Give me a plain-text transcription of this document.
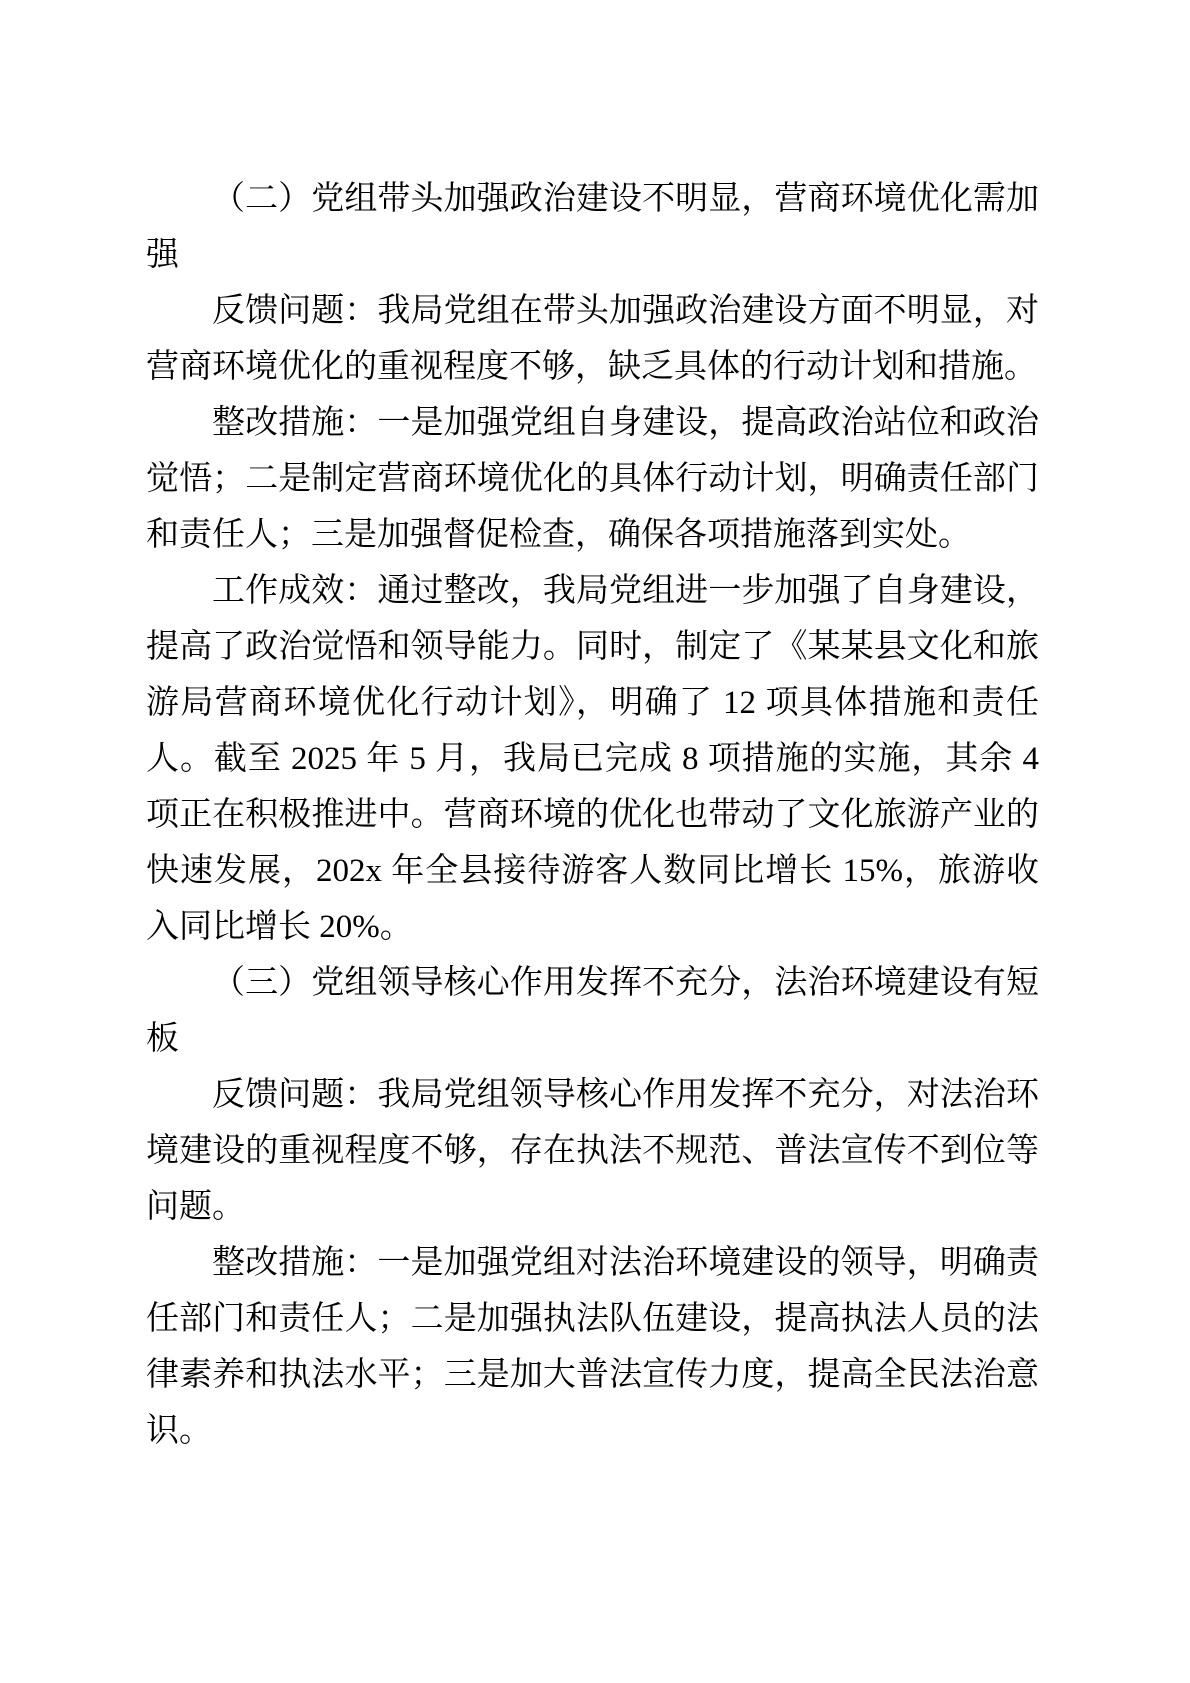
（二）党组带头加强政治建设不明显，营商环境优化需加强

反馈问题：我局党组在带头加强政治建设方面不明显，对营商环境优化的重视程度不够，缺乏具体的行动计划和措施。

整改措施：一是加强党组自身建设，提高政治站位和政治觉悟；二是制定营商环境优化的具体行动计划，明确责任部门和责任人；三是加强督促检查，确保各项措施落到实处。

工作成效：通过整改，我局党组进一步加强了自身建设，提高了政治觉悟和领导能力。同时，制定了《某某县文化和旅游局营商环境优化行动计划》，明确了 12 项具体措施和责任人。截至 2025 年 5 月，我局已完成 8 项措施的实施，其余 4 项正在积极推进中。营商环境的优化也带动了文化旅游产业的快速发展，202x 年全县接待游客人数同比增长 15%，旅游收入同比增长 20%。

（三）党组领导核心作用发挥不充分，法治环境建设有短板

反馈问题：我局党组领导核心作用发挥不充分，对法治环境建设的重视程度不够，存在执法不规范、普法宣传不到位等问题。

整改措施：一是加强党组对法治环境建设的领导，明确责任部门和责任人；二是加强执法队伍建设，提高执法人员的法律素养和执法水平；三是加大普法宣传力度，提高全民法治意识。
